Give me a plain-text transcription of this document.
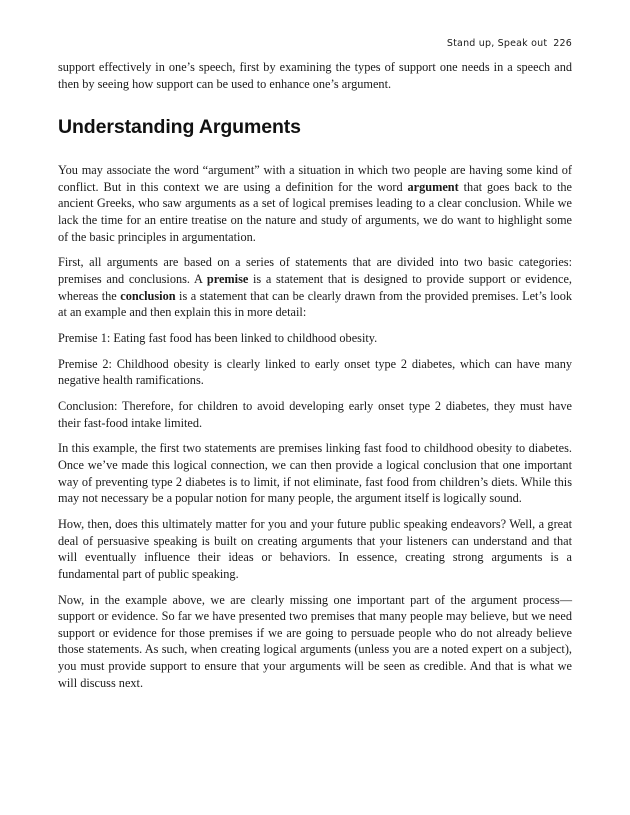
Stand up, Speak out 226

support effectively in one’s speech, first by examining the types of support one needs in a speech and then by seeing how support can be used to enhance one’s argument.

Understanding Arguments

You may associate the word “argument” with a situation in which two people are having some kind of conflict. But in this context we are using a definition for the word argument that goes back to the ancient Greeks, who saw arguments as a set of logical premises leading to a clear conclusion. While we lack the time for an entire treatise on the nature and study of arguments, we do want to highlight some of the basic principles in argumentation.

First, all arguments are based on a series of statements that are divided into two basic categories: premises and conclusions. A premise is a statement that is designed to provide support or evidence, whereas the conclusion is a statement that can be clearly drawn from the provided premises. Let’s look at an example and then explain this in more detail:

Premise 1: Eating fast food has been linked to childhood obesity.

Premise 2: Childhood obesity is clearly linked to early onset type 2 diabetes, which can have many negative health ramifications.

Conclusion: Therefore, for children to avoid developing early onset type 2 diabetes, they must have their fast-food intake limited.

In this example, the first two statements are premises linking fast food to childhood obesity to diabetes. Once we’ve made this logical connection, we can then provide a logical conclusion that one important way of preventing type 2 diabetes is to limit, if not eliminate, fast food from children’s diets. While this may not necessary be a popular notion for many people, the argument itself is logically sound.

How, then, does this ultimately matter for you and your future public speaking endeavors? Well, a great deal of persuasive speaking is built on creating arguments that your listeners can understand and that will eventually influence their ideas or behaviors. In essence, creating strong arguments is a fundamental part of public speaking.

Now, in the example above, we are clearly missing one important part of the argument process—support or evidence. So far we have presented two premises that many people may believe, but we need support or evidence for those premises if we are going to persuade people who do not already believe those statements. As such, when creating logical arguments (unless you are a noted expert on a subject), you must provide support to ensure that your arguments will be seen as credible. And that is what we will discuss next.
